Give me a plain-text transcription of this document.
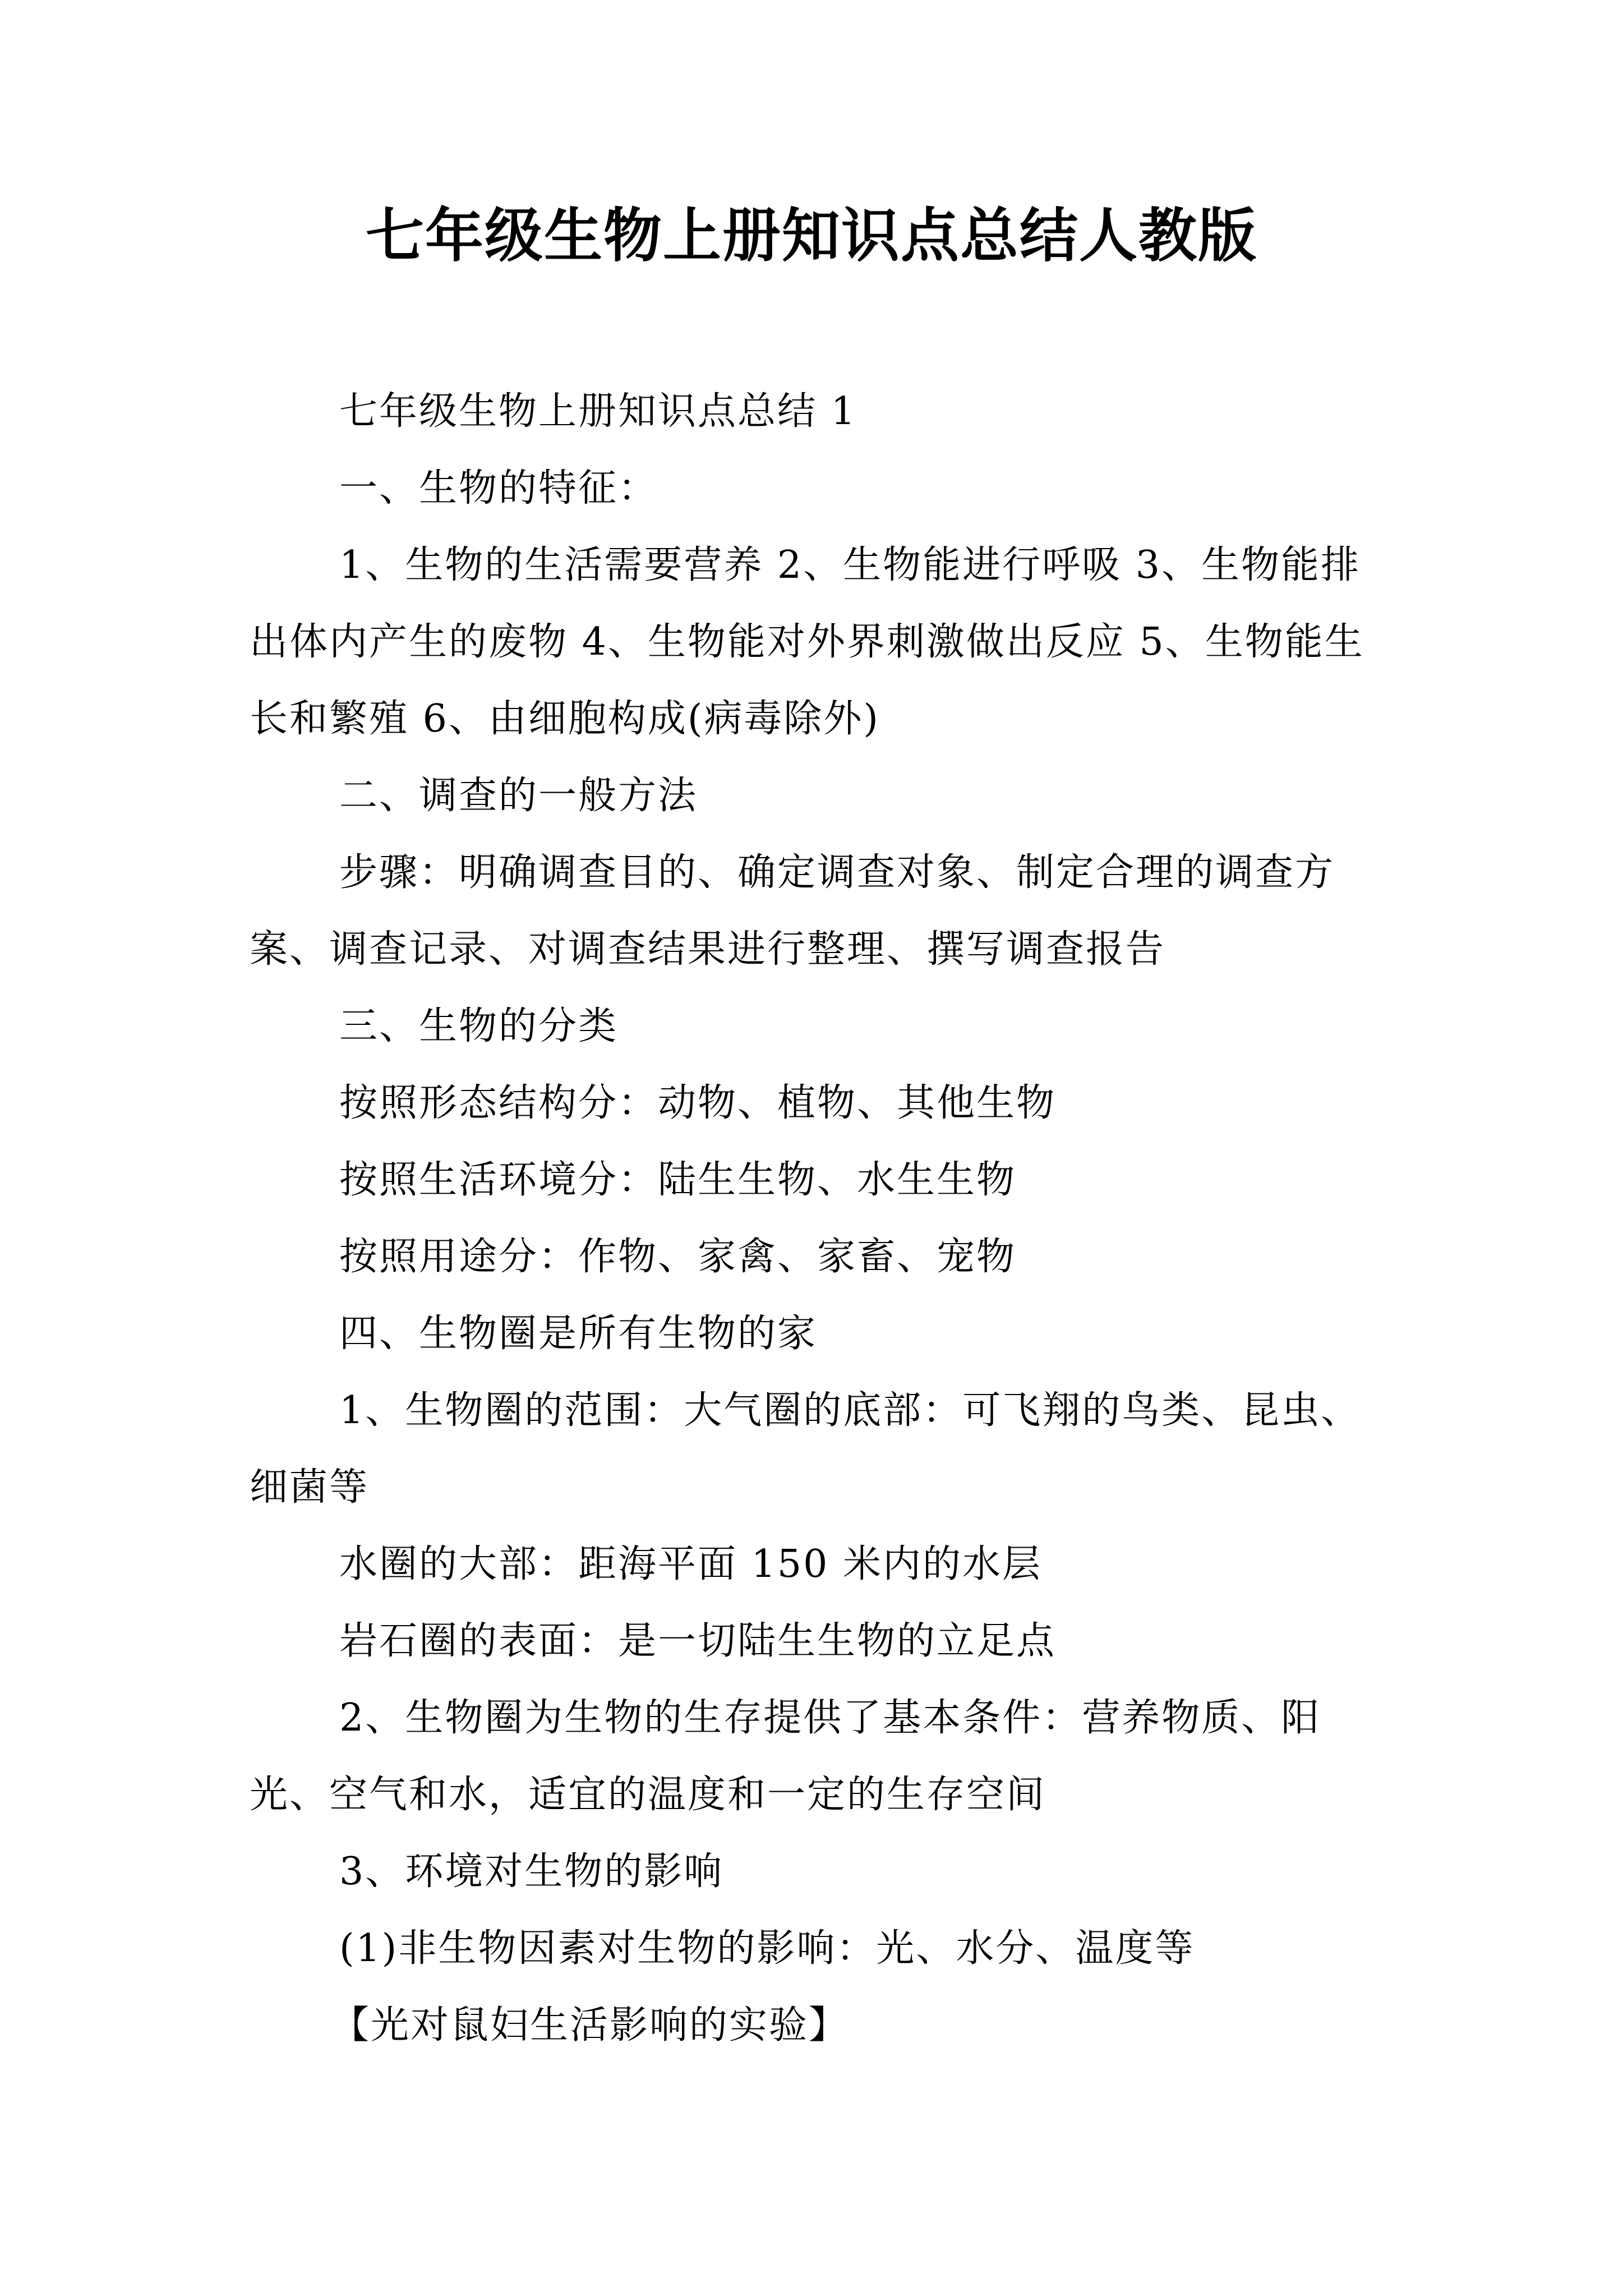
七年级生物上册知识点总结人教版

七年级生物上册知识点总结 1

一、生物的特征：

1、生物的生活需要营养 2、生物能进行呼吸 3、生物能排出体内产生的废物 4、生物能对外界刺激做出反应 5、生物能生长和繁殖 6、由细胞构成(病毒除外)

二、调查的一般方法

步骤：明确调查目的、确定调查对象、制定合理的调查方案、调查记录、对调查结果进行整理、撰写调查报告

三、生物的分类

按照形态结构分：动物、植物、其他生物

按照生活环境分：陆生生物、水生生物

按照用途分：作物、家禽、家畜、宠物

四、生物圈是所有生物的家

1、生物圈的范围：大气圈的底部：可飞翔的鸟类、昆虫、细菌等

水圈的大部：距海平面 150 米内的水层

岩石圈的表面：是一切陆生生物的立足点

2、生物圈为生物的生存提供了基本条件：营养物质、阳光、空气和水，适宜的温度和一定的生存空间

3、环境对生物的影响

(1)非生物因素对生物的影响：光、水分、温度等

【光对鼠妇生活影响的实验】
